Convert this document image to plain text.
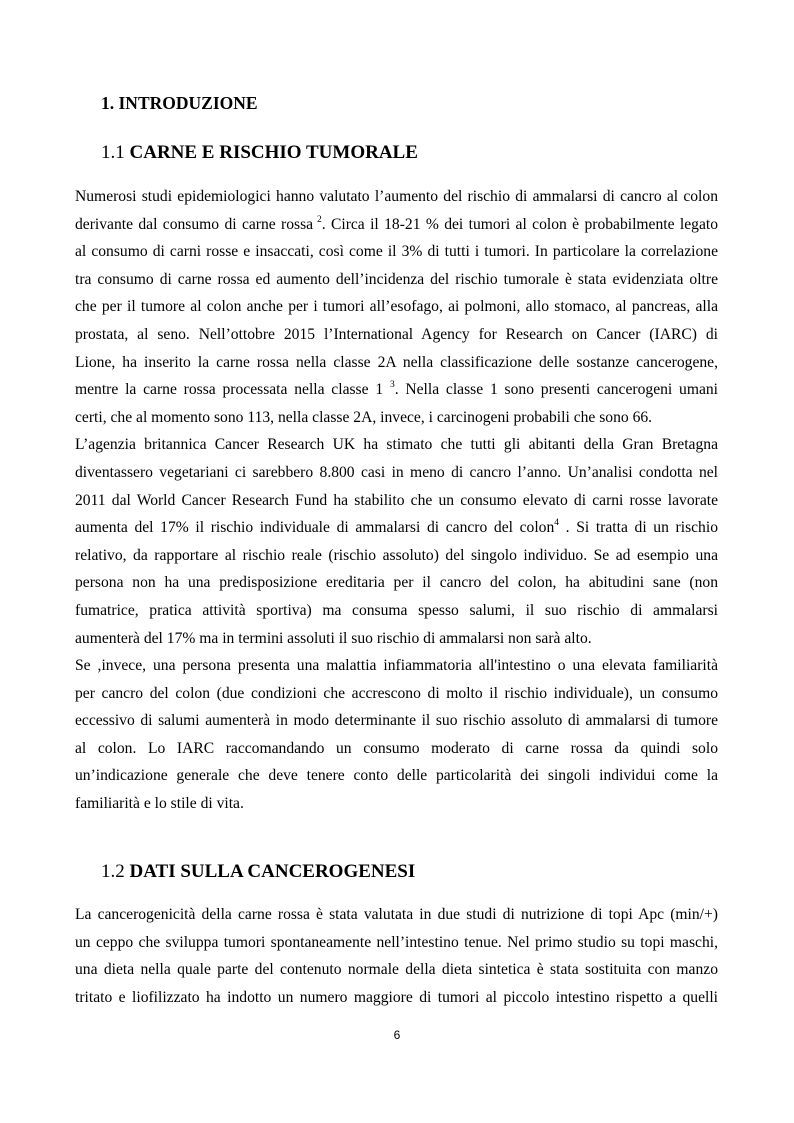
1. INTRODUZIONE
1.1 CARNE E RISCHIO TUMORALE
Numerosi studi epidemiologici hanno valutato l’aumento del rischio di ammalarsi di cancro al colon
derivante dal consumo di carne rossa $^2$. Circa il 18-21 % dei tumori al colon è probabilmente legato
al consumo di carni rosse e insaccati, così come il 3% di tutti i tumori. In particolare la correlazione
tra consumo di carne rossa ed aumento dell’incidenza del rischio tumorale è stata evidenziata oltre
che per il tumore al colon anche per i tumori all’esofago, ai polmoni, allo stomaco, al pancreas, alla
prostata, al seno. Nell’ottobre 2015 l’International Agency for Research on Cancer (IARC) di
Lione, ha inserito la carne rossa nella classe 2A nella classificazione delle sostanze cancerogene,
mentre la carne rossa processata nella classe 1 $^3$. Nella classe 1 sono presenti cancerogeni umani
certi, che al momento sono 113, nella classe 2A, invece, i carcinogeni probabili che sono 66.
L’agenzia britannica Cancer Research UK ha stimato che tutti gli abitanti della Gran Bretagna
diventassero vegetariani ci sarebbero 8.800 casi in meno di cancro l’anno. Un’analisi condotta nel
2011 dal World Cancer Research Fund ha stabilito che un consumo elevato di carni rosse lavorate
aumenta del 17% il rischio individuale di ammalarsi di cancro del colon$^4$ . Si tratta di un rischio
relativo, da rapportare al rischio reale (rischio assoluto) del singolo individuo. Se ad esempio una
persona non ha una predisposizione ereditaria per il cancro del colon, ha abitudini sane (non
fumatrice, pratica attività sportiva) ma consuma spesso salumi, il suo rischio di ammalarsi
aumenterà del 17% ma in termini assoluti il suo rischio di ammalarsi non sarà alto.
Se ,invece, una persona presenta una malattia infiammatoria all'intestino o una elevata familiarità
per cancro del colon (due condizioni che accrescono di molto il rischio individuale), un consumo
eccessivo di salumi aumenterà in modo determinante il suo rischio assoluto di ammalarsi di tumore
al colon. Lo IARC raccomandando un consumo moderato di carne rossa da quindi solo
un’indicazione generale che deve tenere conto delle particolarità dei singoli individui come la
familiarità e lo stile di vita.
1.2 DATI SULLA CANCEROGENESI
La cancerogenicità della carne rossa è stata valutata in due studi di nutrizione di topi Apc (min/+)
un ceppo che sviluppa tumori spontaneamente nell’intestino tenue. Nel primo studio su topi maschi,
una dieta nella quale parte del contenuto normale della dieta sintetica è stata sostituita con manzo
tritato e liofilizzato ha indotto un numero maggiore di tumori al piccolo intestino rispetto a quelli

6
